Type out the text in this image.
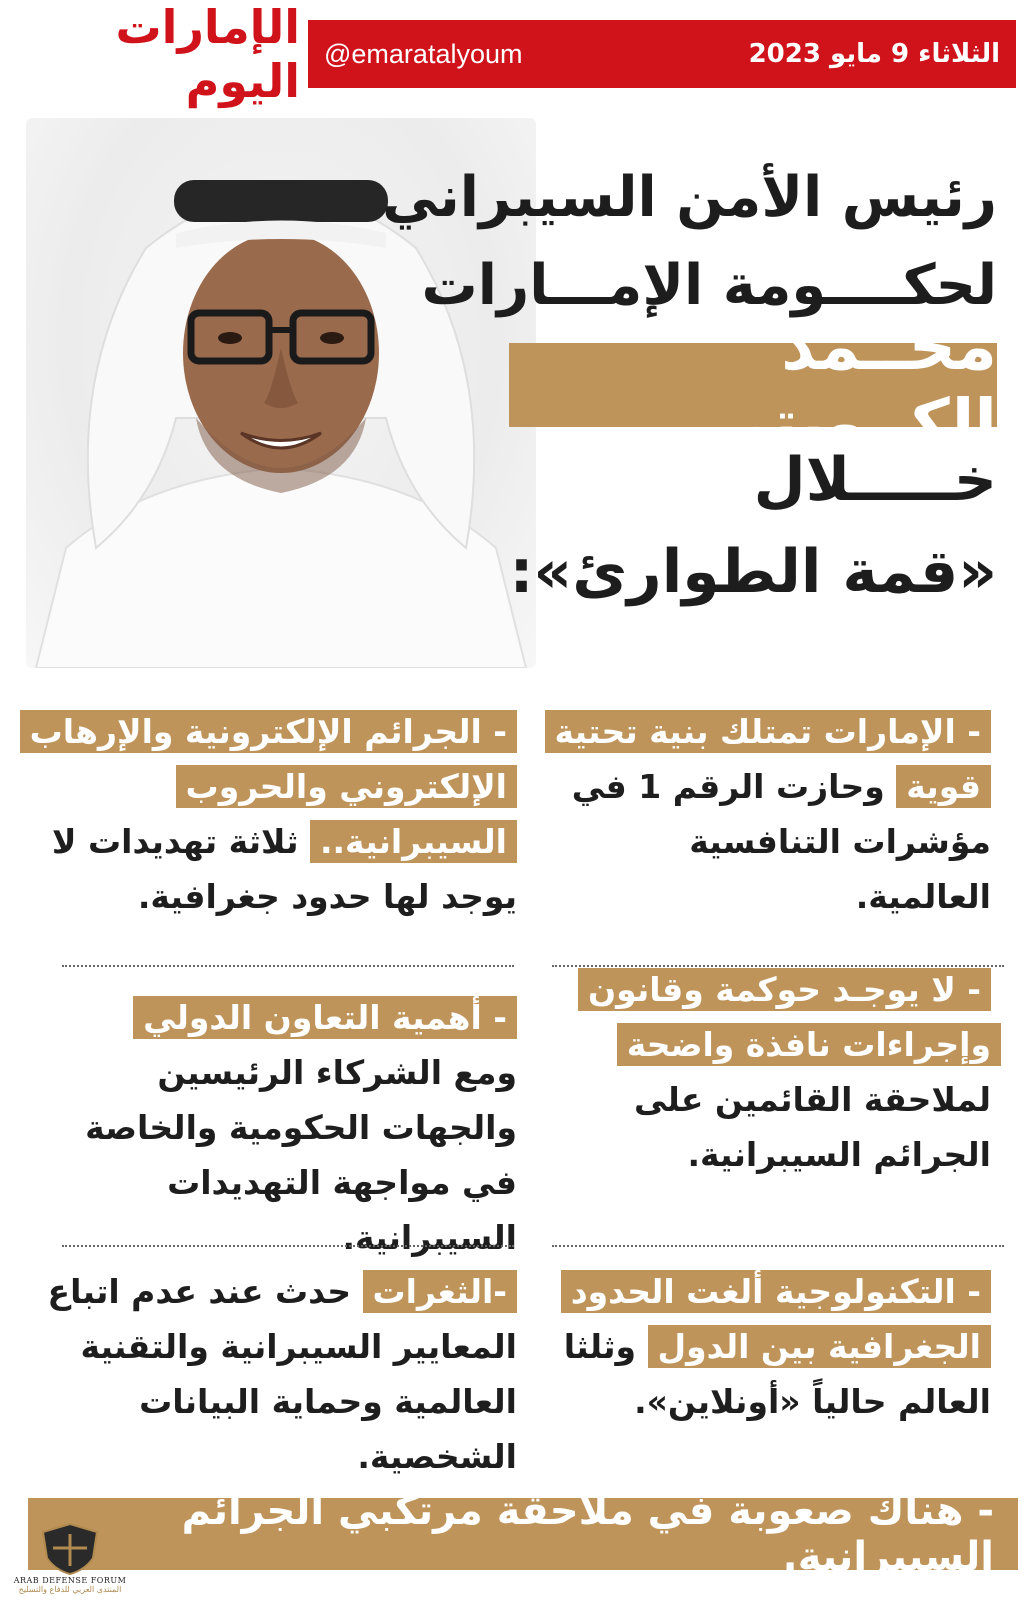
الإمارات اليوم
@emaratalyoum	الثلاثاء 9 مايو 2023
رئيس الأمن السيبراني
لحكــــومة الإمـــارات
محــمد الكــويتي
خـــــلال
«قمة الطوارئ»:
- الإمارات تمتلك بنية تحتية قوية وحازت الرقم 1 في مؤشرات التنافسية العالمية.
- لا يوجـد حوكمة وقانون وإجراءات نافذة واضحة لملاحقة القائمين على الجرائم السيبرانية.
- التكنولوجية ألغت الحدود الجغرافية بين الدول وثلثا العالم حالياً «أونلاين».
- الجرائم الإلكترونية والإرهاب الإلكتروني والحروب السيبرانية.. ثلاثة تهديدات لا يوجد لها حدود جغرافية.
- أهمية التعاون الدولي
ومع الشركاء الرئيسين والجهات الحكومية والخاصة في مواجهة التهديدات السيبرانية.
-الثغرات حدث عند عدم اتباع المعايير السيبرانية والتقنية العالمية وحماية البيانات الشخصية.
- هناك صعوبة في ملاحقة مرتكبي الجرائم السيبرانية.
ARAB DEFENSE FORUM
المنتدى العربي للدفاع والتسليح
